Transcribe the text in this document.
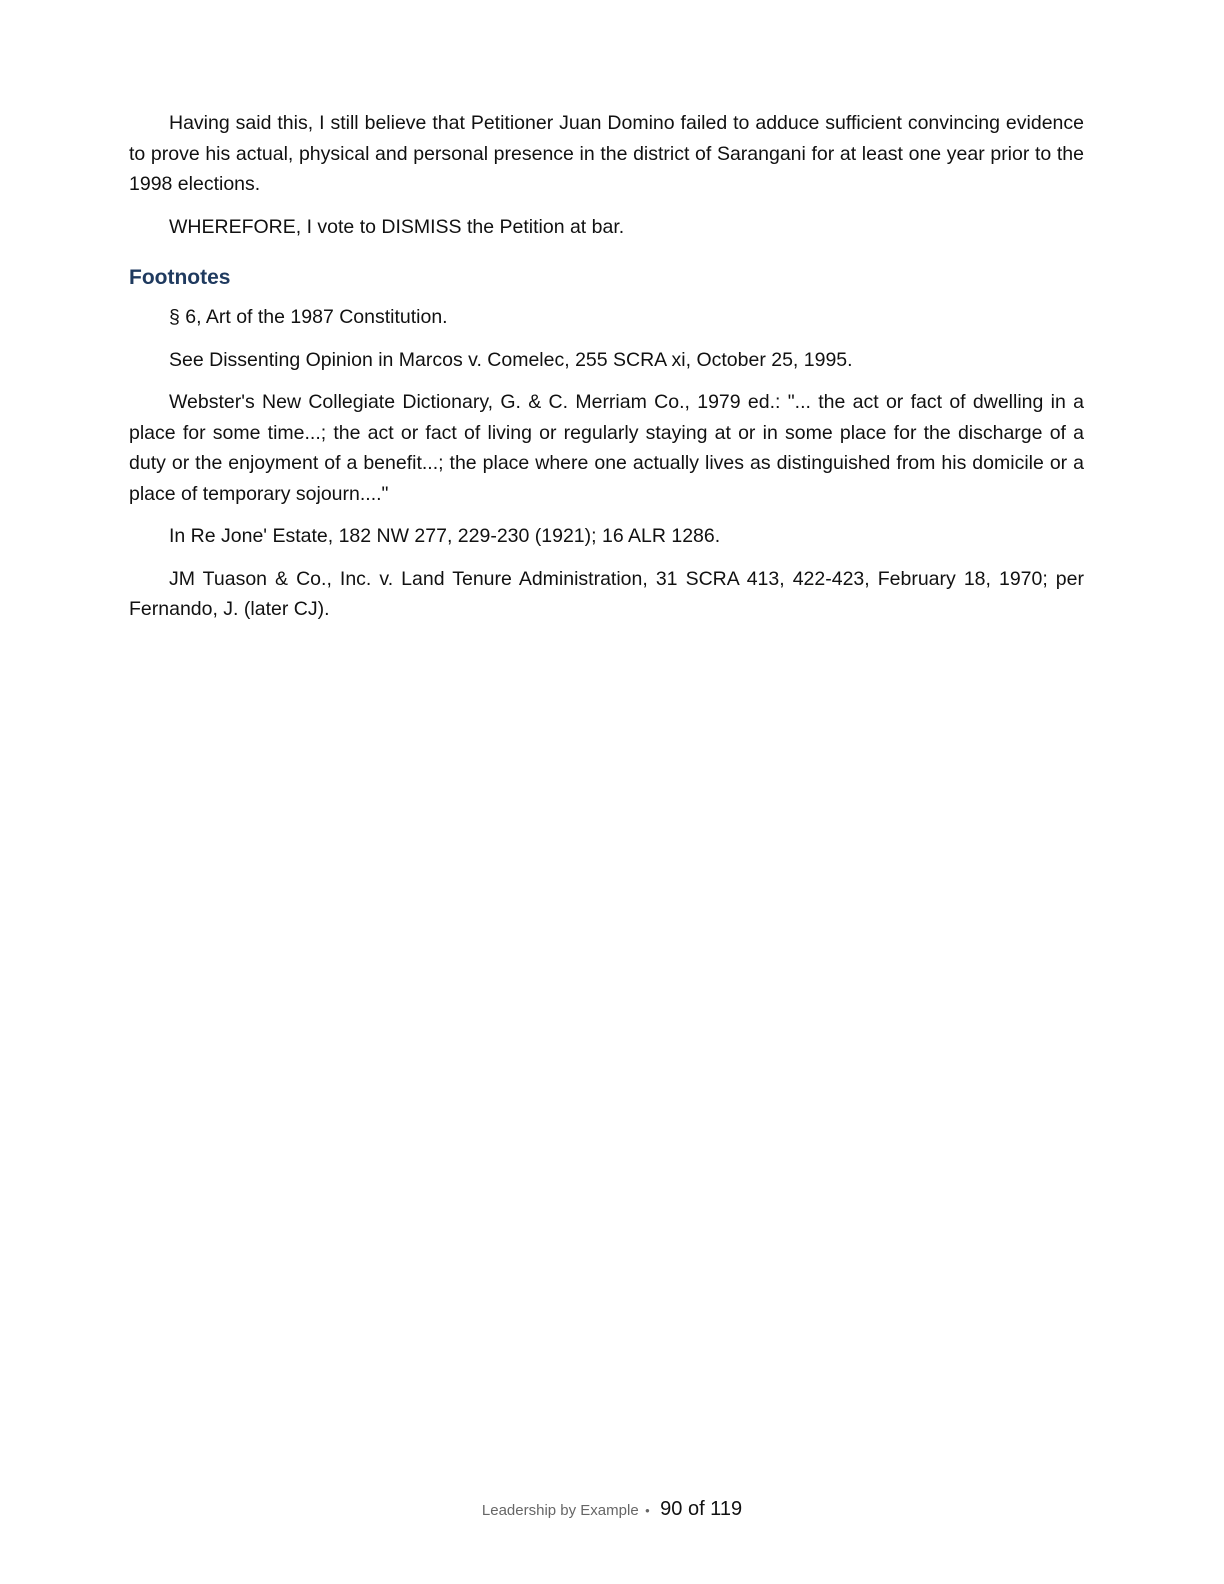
Having said this, I still believe that Petitioner Juan Domino failed to adduce sufficient convincing evidence to prove his actual, physical and personal presence in the district of Sarangani for at least one year prior to the 1998 elections.

WHEREFORE, I vote to DISMISS the Petition at bar.

Footnotes

§ 6, Art of the 1987 Constitution.

See Dissenting Opinion in Marcos v. Comelec, 255 SCRA xi, October 25, 1995.

Webster's New Collegiate Dictionary, G. & C. Merriam Co., 1979 ed.: "... the act or fact of dwelling in a place for some time...; the act or fact of living or regularly staying at or in some place for the discharge of a duty or the enjoyment of a benefit...; the place where one actually lives as distinguished from his domicile or a place of temporary sojourn...."

In Re Jone' Estate, 182 NW 277, 229-230 (1921); 16 ALR 1286.

JM Tuason & Co., Inc. v. Land Tenure Administration, 31 SCRA 413, 422-423, February 18, 1970; per Fernando, J. (later CJ).

Leadership by Example • 90 of 119
